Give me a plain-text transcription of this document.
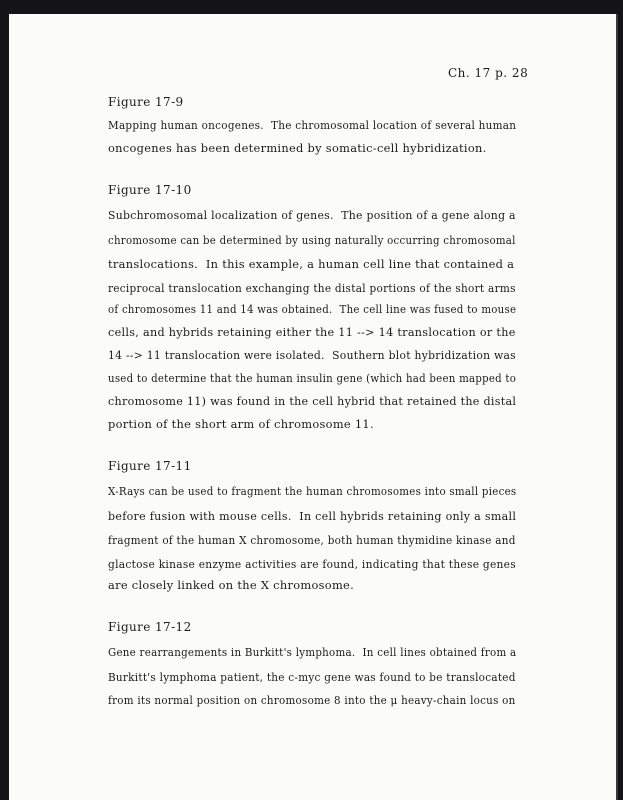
Ch. 17 p. 28
Figure 17-9
Mapping human oncogenes.  The chromosomal location of several human
oncogenes has been determined by somatic-cell hybridization.
Figure 17-10
Subchromosomal localization of genes.  The position of a gene along a
chromosome can be determined by using naturally occurring chromosomal
translocations.  In this example, a human cell line that contained a
reciprocal translocation exchanging the distal portions of the short arms
of chromosomes 11 and 14 was obtained.  The cell line was fused to mouse
cells, and hybrids retaining either the 11 --> 14 translocation or the
14 --> 11 translocation were isolated.  Southern blot hybridization was
used to determine that the human insulin gene (which had been mapped to
chromosome 11) was found in the cell hybrid that retained the distal
portion of the short arm of chromosome 11.
Figure 17-11
X-Rays can be used to fragment the human chromosomes into small pieces
before fusion with mouse cells.  In cell hybrids retaining only a small
fragment of the human X chromosome, both human thymidine kinase and
glactose kinase enzyme activities are found, indicating that these genes
are closely linked on the X chromosome.
Figure 17-12
Gene rearrangements in Burkitt's lymphoma.  In cell lines obtained from a
Burkitt's lymphoma patient, the c-myc gene was found to be translocated
from its normal position on chromosome 8 into the μ heavy-chain locus on
